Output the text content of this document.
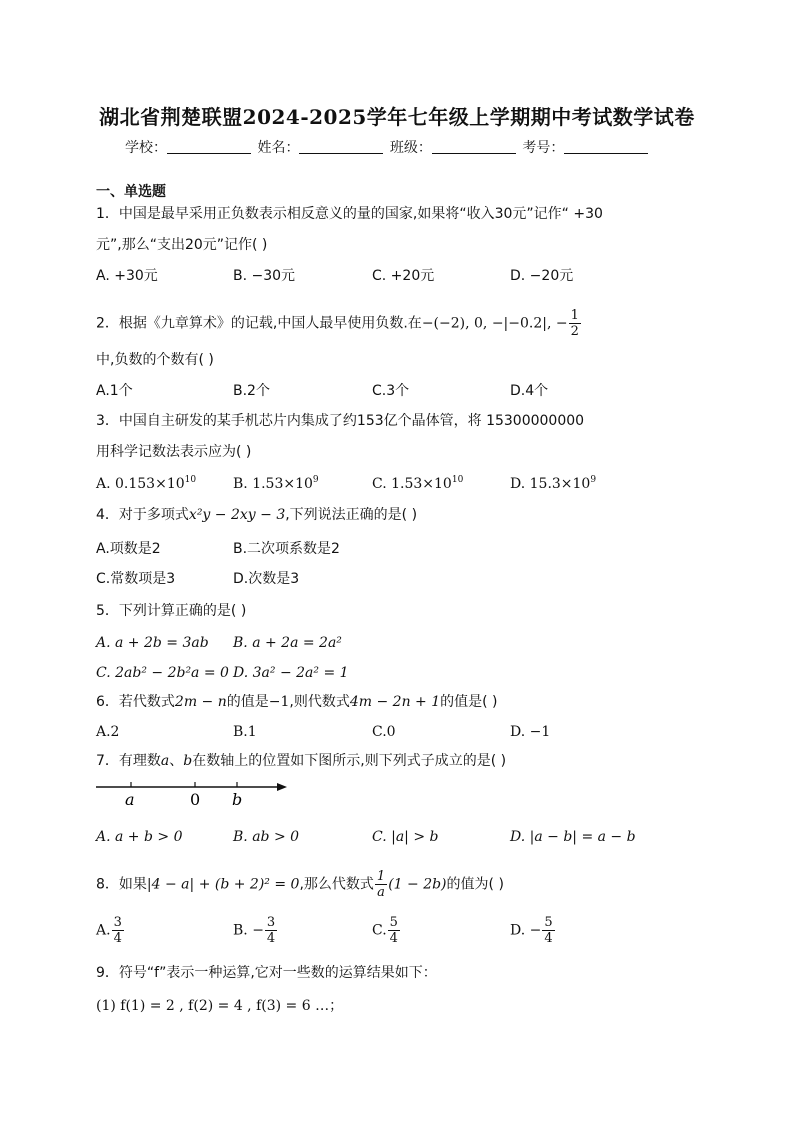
湖北省荆楚联盟2024-2025学年七年级上学期期中考试数学试卷
学校：	姓名：	班级：	考号：
一、单选题
1．中国是最早采用正负数表示相反意义的量的国家,如果将“收入30元”记作“ +30
元”,那么“支出20元”记作( )
A. +30元	B. −30元	C. +20元	D. −20元
2．根据《九章算术》的记载,中国人最早使用负数.在−(−2), 0, −|−0.2|, − $\frac{1}{2}$
中,负数的个数有( )
A.1个	B.2个	C.3个	D.4个
3．中国自主研发的某手机芯片内集成了约153亿个晶体管，将 15300000000
用科学记数法表示应为( )
A. $0.153\times 10^{10}$	B. $1.53\times 10^9$	C. $1.53\times 10^{10}$	D. $15.3\times 10^9$
4．对于多项式x²y − 2xy − 3,下列说法正确的是( )
A.项数是2	B.二次项系数是2
C.常数项是3	D.次数是3
5．下列计算正确的是( )
A. a + 2b = 3ab B. a + 2a = 2a²
C. 2ab² − 2b²a = 0 D. 3a² − 2a² = 1
6．若代数式2m − n的值是−1,则代数式4m − 2n + 1的值是( )
A.2	B.1	C.0	D. −1
7．有理数a、b在数轴上的位置如下图所示,则下列式子成立的是( )
a	0 b
A. a + b > 0	B. ab > 0	C. |a| > b	D. |a − b| = a − b
8．如果|4 − a| + (b + 2)² = 0,那么代数式 $\frac{1}{a} (1 - 2b)$的值为( )
A. $\frac{3}{4}$	B. − $\frac{3}{4}$	C. $\frac{5}{4}$	D. − $\frac{5}{4}$
9．符号“f”表示一种运算,它对一些数的运算结果如下：
(1) f(1) = 2 , f(2) = 4 , f(3) = 6 …；
